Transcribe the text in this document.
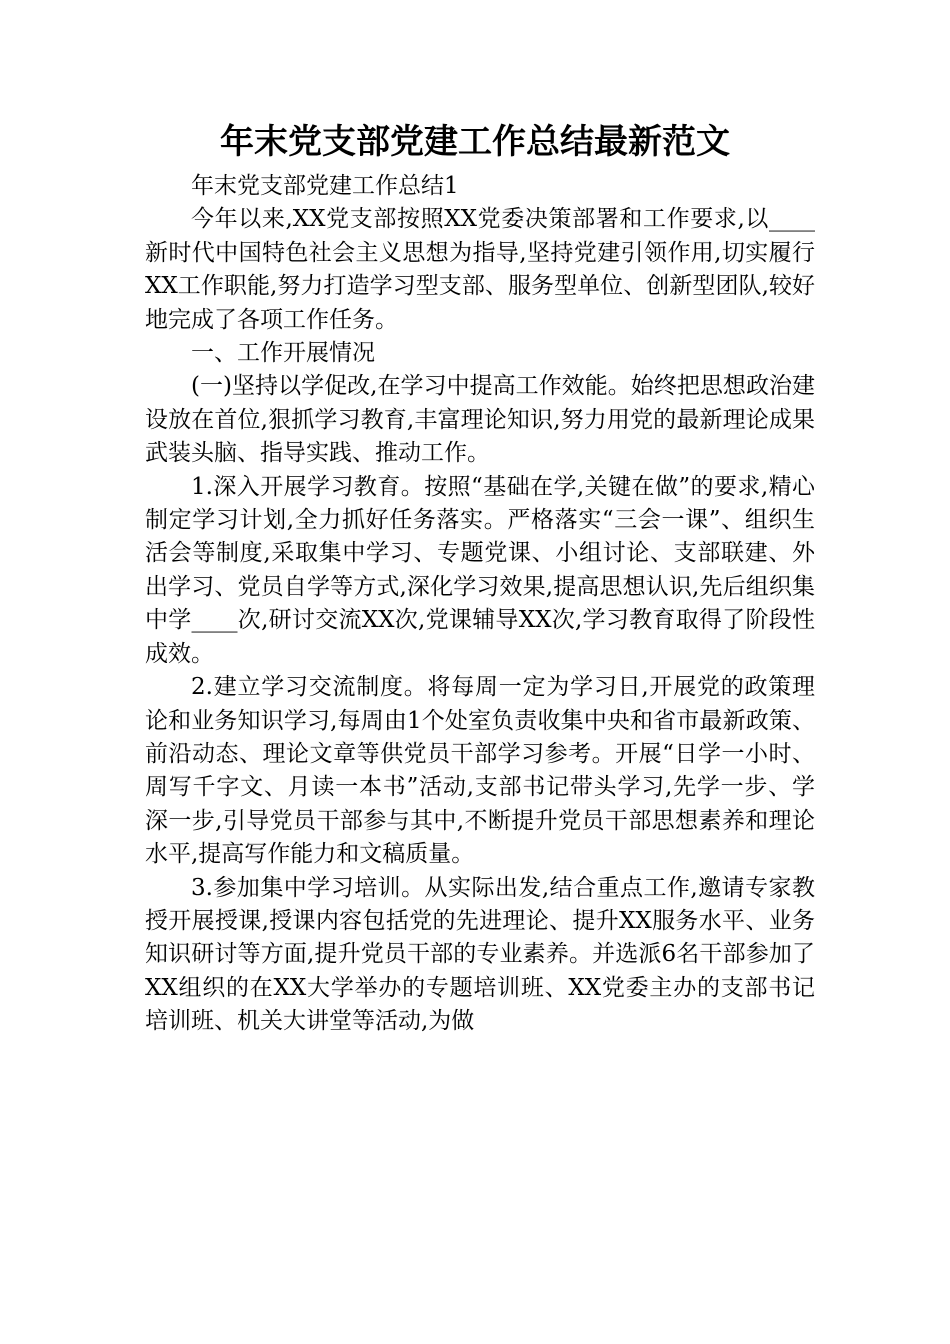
年末党支部党建工作总结最新范文

年末党支部党建工作总结1

今年以来,XX党支部按照XX党委决策部署和工作要求,以____新时代中国特色社会主义思想为指导,坚持党建引领作用,切实履行XX工作职能,努力打造学习型支部、服务型单位、创新型团队,较好地完成了各项工作任务。

一、工作开展情况

(一)坚持以学促改,在学习中提高工作效能。始终把思想政治建设放在首位,狠抓学习教育,丰富理论知识,努力用党的最新理论成果武装头脑、指导实践、推动工作。

1.深入开展学习教育。按照“基础在学,关键在做”的要求,精心制定学习计划,全力抓好任务落实。严格落实“三会一课”、组织生活会等制度,采取集中学习、专题党课、小组讨论、支部联建、外出学习、党员自学等方式,深化学习效果,提高思想认识,先后组织集中学____次,研讨交流XX次,党课辅导XX次,学习教育取得了阶段性成效。

2.建立学习交流制度。将每周一定为学习日,开展党的政策理论和业务知识学习,每周由1个处室负责收集中央和省市最新政策、前沿动态、理论文章等供党员干部学习参考。开展“日学一小时、周写千字文、月读一本书”活动,支部书记带头学习,先学一步、学深一步,引导党员干部参与其中,不断提升党员干部思想素养和理论水平,提高写作能力和文稿质量。

3.参加集中学习培训。从实际出发,结合重点工作,邀请专家教授开展授课,授课内容包括党的先进理论、提升XX服务水平、业务知识研讨等方面,提升党员干部的专业素养。并选派6名干部参加了XX组织的在XX大学举办的专题培训班、XX党委主办的支部书记培训班、机关大讲堂等活动,为做
